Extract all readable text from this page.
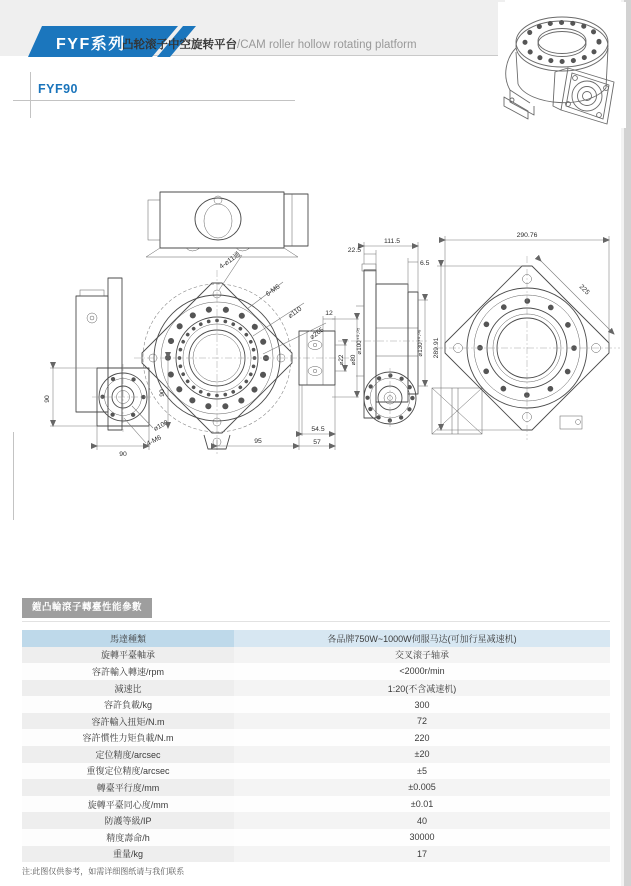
FYF系列
凸轮滚子中空旋转平台/CAM roller hollow rotating platform
FYF90
90
90
⌀100
4-M6
4-⌀11通
6-M6
⌀110
⌀265
90
95	57
54.5
12
⌀22 ⌀80
111.5
22.5
6.5
⌀100⁺⁰·⁰⁵	⌀130⁺⁰·⁰⁸
290.76
289.91
225
鎧凸輪滾子轉臺性能參數
馬達種類	各品牌750W~1000W伺服马达(可加行星减速机)
旋轉平臺軸承	交叉滚子轴承
容許輸入轉速/rpm	<2000r/min
減速比	1:20(不含减速机)
容許負載/kg	300
容許輸入扭矩/N.m	72
容許慣性力矩負載/N.m	220
定位精度/arcsec	±20
重復定位精度/arcsec	±5
轉臺平行度/mm	±0.005
旋轉平臺同心度/mm	±0.01
防護等級/IP	40
精度壽命/h	30000
重量/kg	17
注:此图仅供参考，如需详细图纸请与我们联系
